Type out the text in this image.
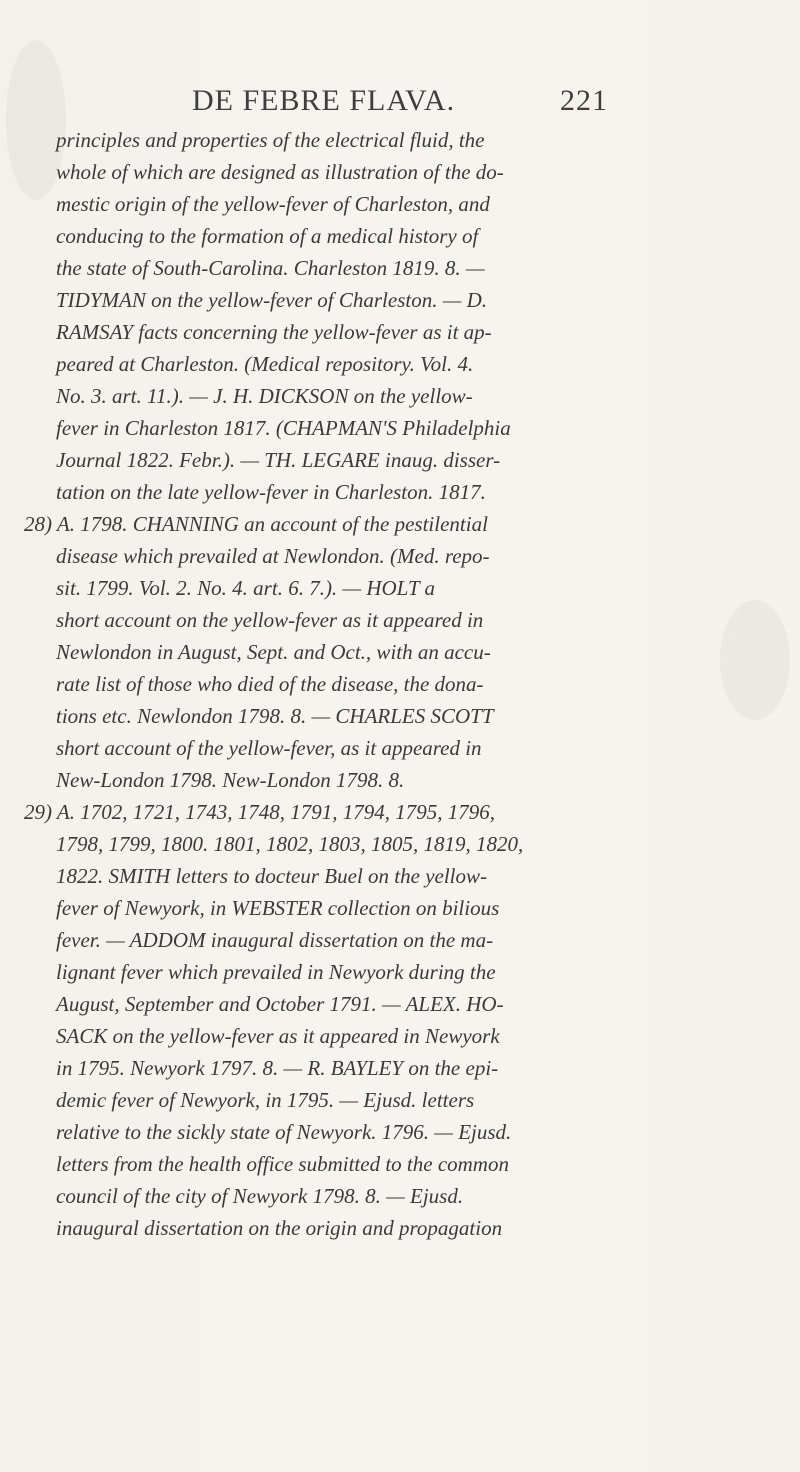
DE FEBRE FLAVA.	221
principles and properties of the electrical fluid, the
whole of which are designed as illustration of the do-
mestic origin of the yellow-fever of Charleston, and
conducing to the formation of a medical history of
the state of South-Carolina. Charleston 1819. 8. —
TIDYMAN on the yellow-fever of Charleston. — D.
RAMSAY facts concerning the yellow-fever as it ap-
peared at Charleston. (Medical repository. Vol. 4.
No. 3. art. 11.). — J. H. DICKSON on the yellow-
fever in Charleston 1817. (CHAPMAN'S Philadelphia
Journal 1822. Febr.). — TH. LEGARE inaug. disser-
tation on the late yellow-fever in Charleston. 1817.
28) A. 1798. CHANNING an account of the pestilential
disease which prevailed at Newlondon. (Med. repo-
sit. 1799. Vol. 2. No. 4. art. 6. 7.). — HOLT a
short account on the yellow-fever as it appeared in
Newlondon in August, Sept. and Oct., with an accu-
rate list of those who died of the disease, the dona-
tions etc. Newlondon 1798. 8. — CHARLES SCOTT
short account of the yellow-fever, as it appeared in
New-London 1798. New-London 1798. 8.
29) A. 1702, 1721, 1743, 1748, 1791, 1794, 1795, 1796,
1798, 1799, 1800. 1801, 1802, 1803, 1805, 1819, 1820,
1822. SMITH letters to docteur Buel on the yellow-
fever of Newyork, in WEBSTER collection on bilious
fever. — ADDOM inaugural dissertation on the ma-
lignant fever which prevailed in Newyork during the
August, September and October 1791. — ALEX. HO-
SACK on the yellow-fever as it appeared in Newyork
in 1795. Newyork 1797. 8. — R. BAYLEY on the epi-
demic fever of Newyork, in 1795. — Ejusd. letters
relative to the sickly state of Newyork. 1796. — Ejusd.
letters from the health office submitted to the common
council of the city of Newyork 1798. 8. — Ejusd.
inaugural dissertation on the origin and propagation
